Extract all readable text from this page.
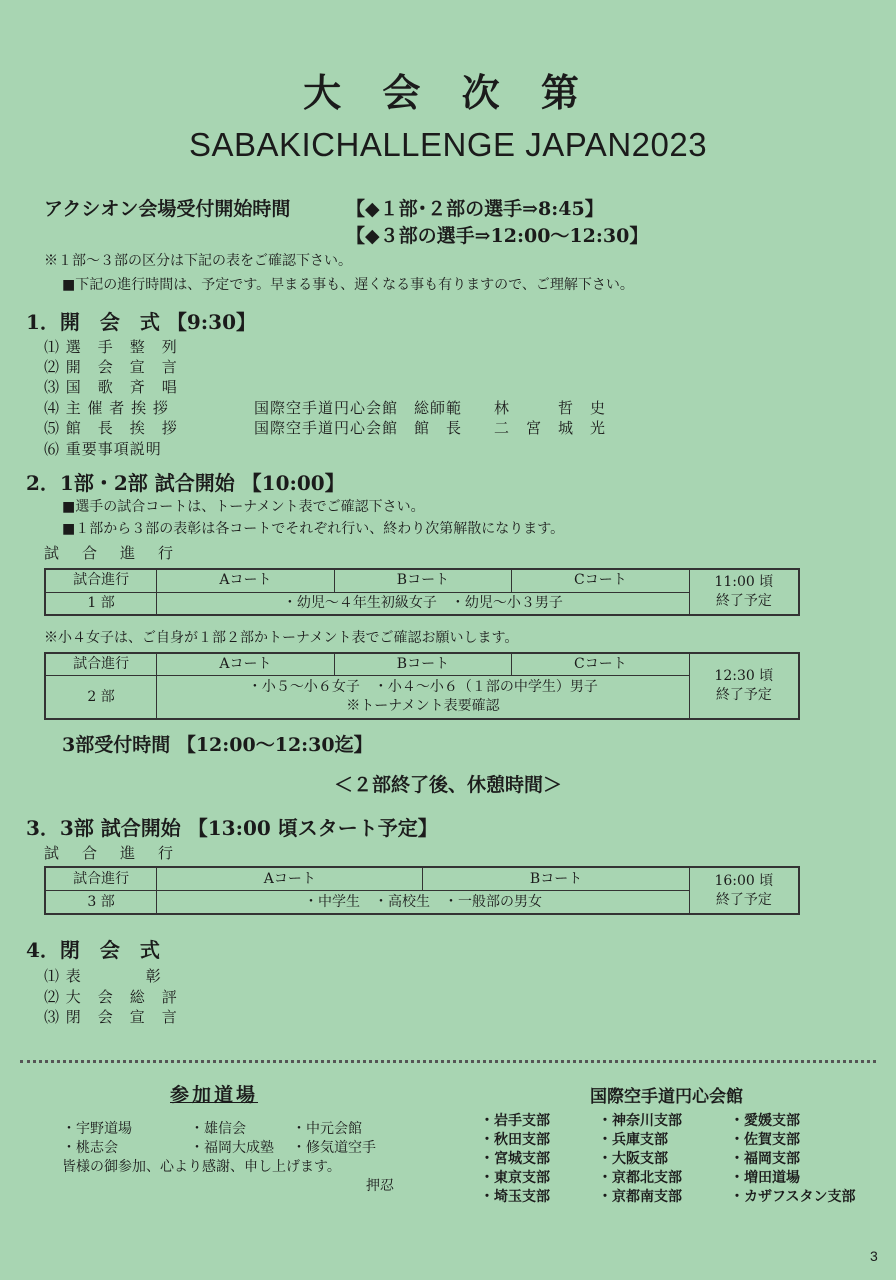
大 会 次 第
SABAKICHALLENGE JAPAN2023
アクシオン会場受付開始時間	【◆１部･２部の選手⇒8:45】
【◆３部の選手⇒12:00〜12:30】
※１部〜３部の区分は下記の表をご確認下さい。
■下記の進行時間は、予定です。早まる事も、遅くなる事も有りますので、ご理解下さい。
1．開　会　式 【9:30】
⑴ 選　手　整　列
⑵ 開　会　宣　言
⑶ 国　歌　斉　唱
⑷ 主 催 者 挨 拶	国際空手道円心会館　総師範　　林　　　哲　史
⑸ 館　長　挨　拶	国際空手道円心会館　館　長　　二　宮　城　光
⑹ 重要事項説明
2．1部・2部 試合開始 【10:00】
■選手の試合コートは、トーナメント表でご確認下さい。
■１部から３部の表彰は各コートでそれぞれ行い、終わり次第解散になります。
試　合　進　行
試合進行	Aコート	Bコート	Cコート	11:00 頃
終了予定

1 部	・幼児〜４年生初級女子　・幼児〜小３男子			
※小４女子は、ご自身が１部２部かトーナメント表でご確認お願いします。
試合進行	Aコート	Bコート	Cコート	12:30 頃
終了予定

2 部	・小５〜小６女子　・小４〜小６（１部の中学生）男子
※トーナメント表要確認			
3部受付時間 【12:00〜12:30迄】
＜２部終了後、休憩時間＞
3．3部 試合開始 【13:00 頃スタート予定】
試　合　進　行
試合進行	Aコート	Bコート	16:00 頃
終了予定

3 部	・中学生　・高校生　・一般部の男女		
4．閉　会　式
⑴ 表　　　　彰
⑵ 大　会　総　評
⑶ 閉　会　宣　言
参加道場
・宇野道場	・雄信会	・中元会館
・桃志会	・福岡大成塾 ・修気道空手
皆様の御参加、心より感謝、申し上げます。
押忍
国際空手道円心会館
・岩手支部	・神奈川支部	・愛媛支部
・秋田支部	・兵庫支部	・佐賀支部
・宮城支部	・大阪支部	・福岡支部
・東京支部	・京都北支部	・増田道場
・埼玉支部	・京都南支部	・カザフスタン支部
3
